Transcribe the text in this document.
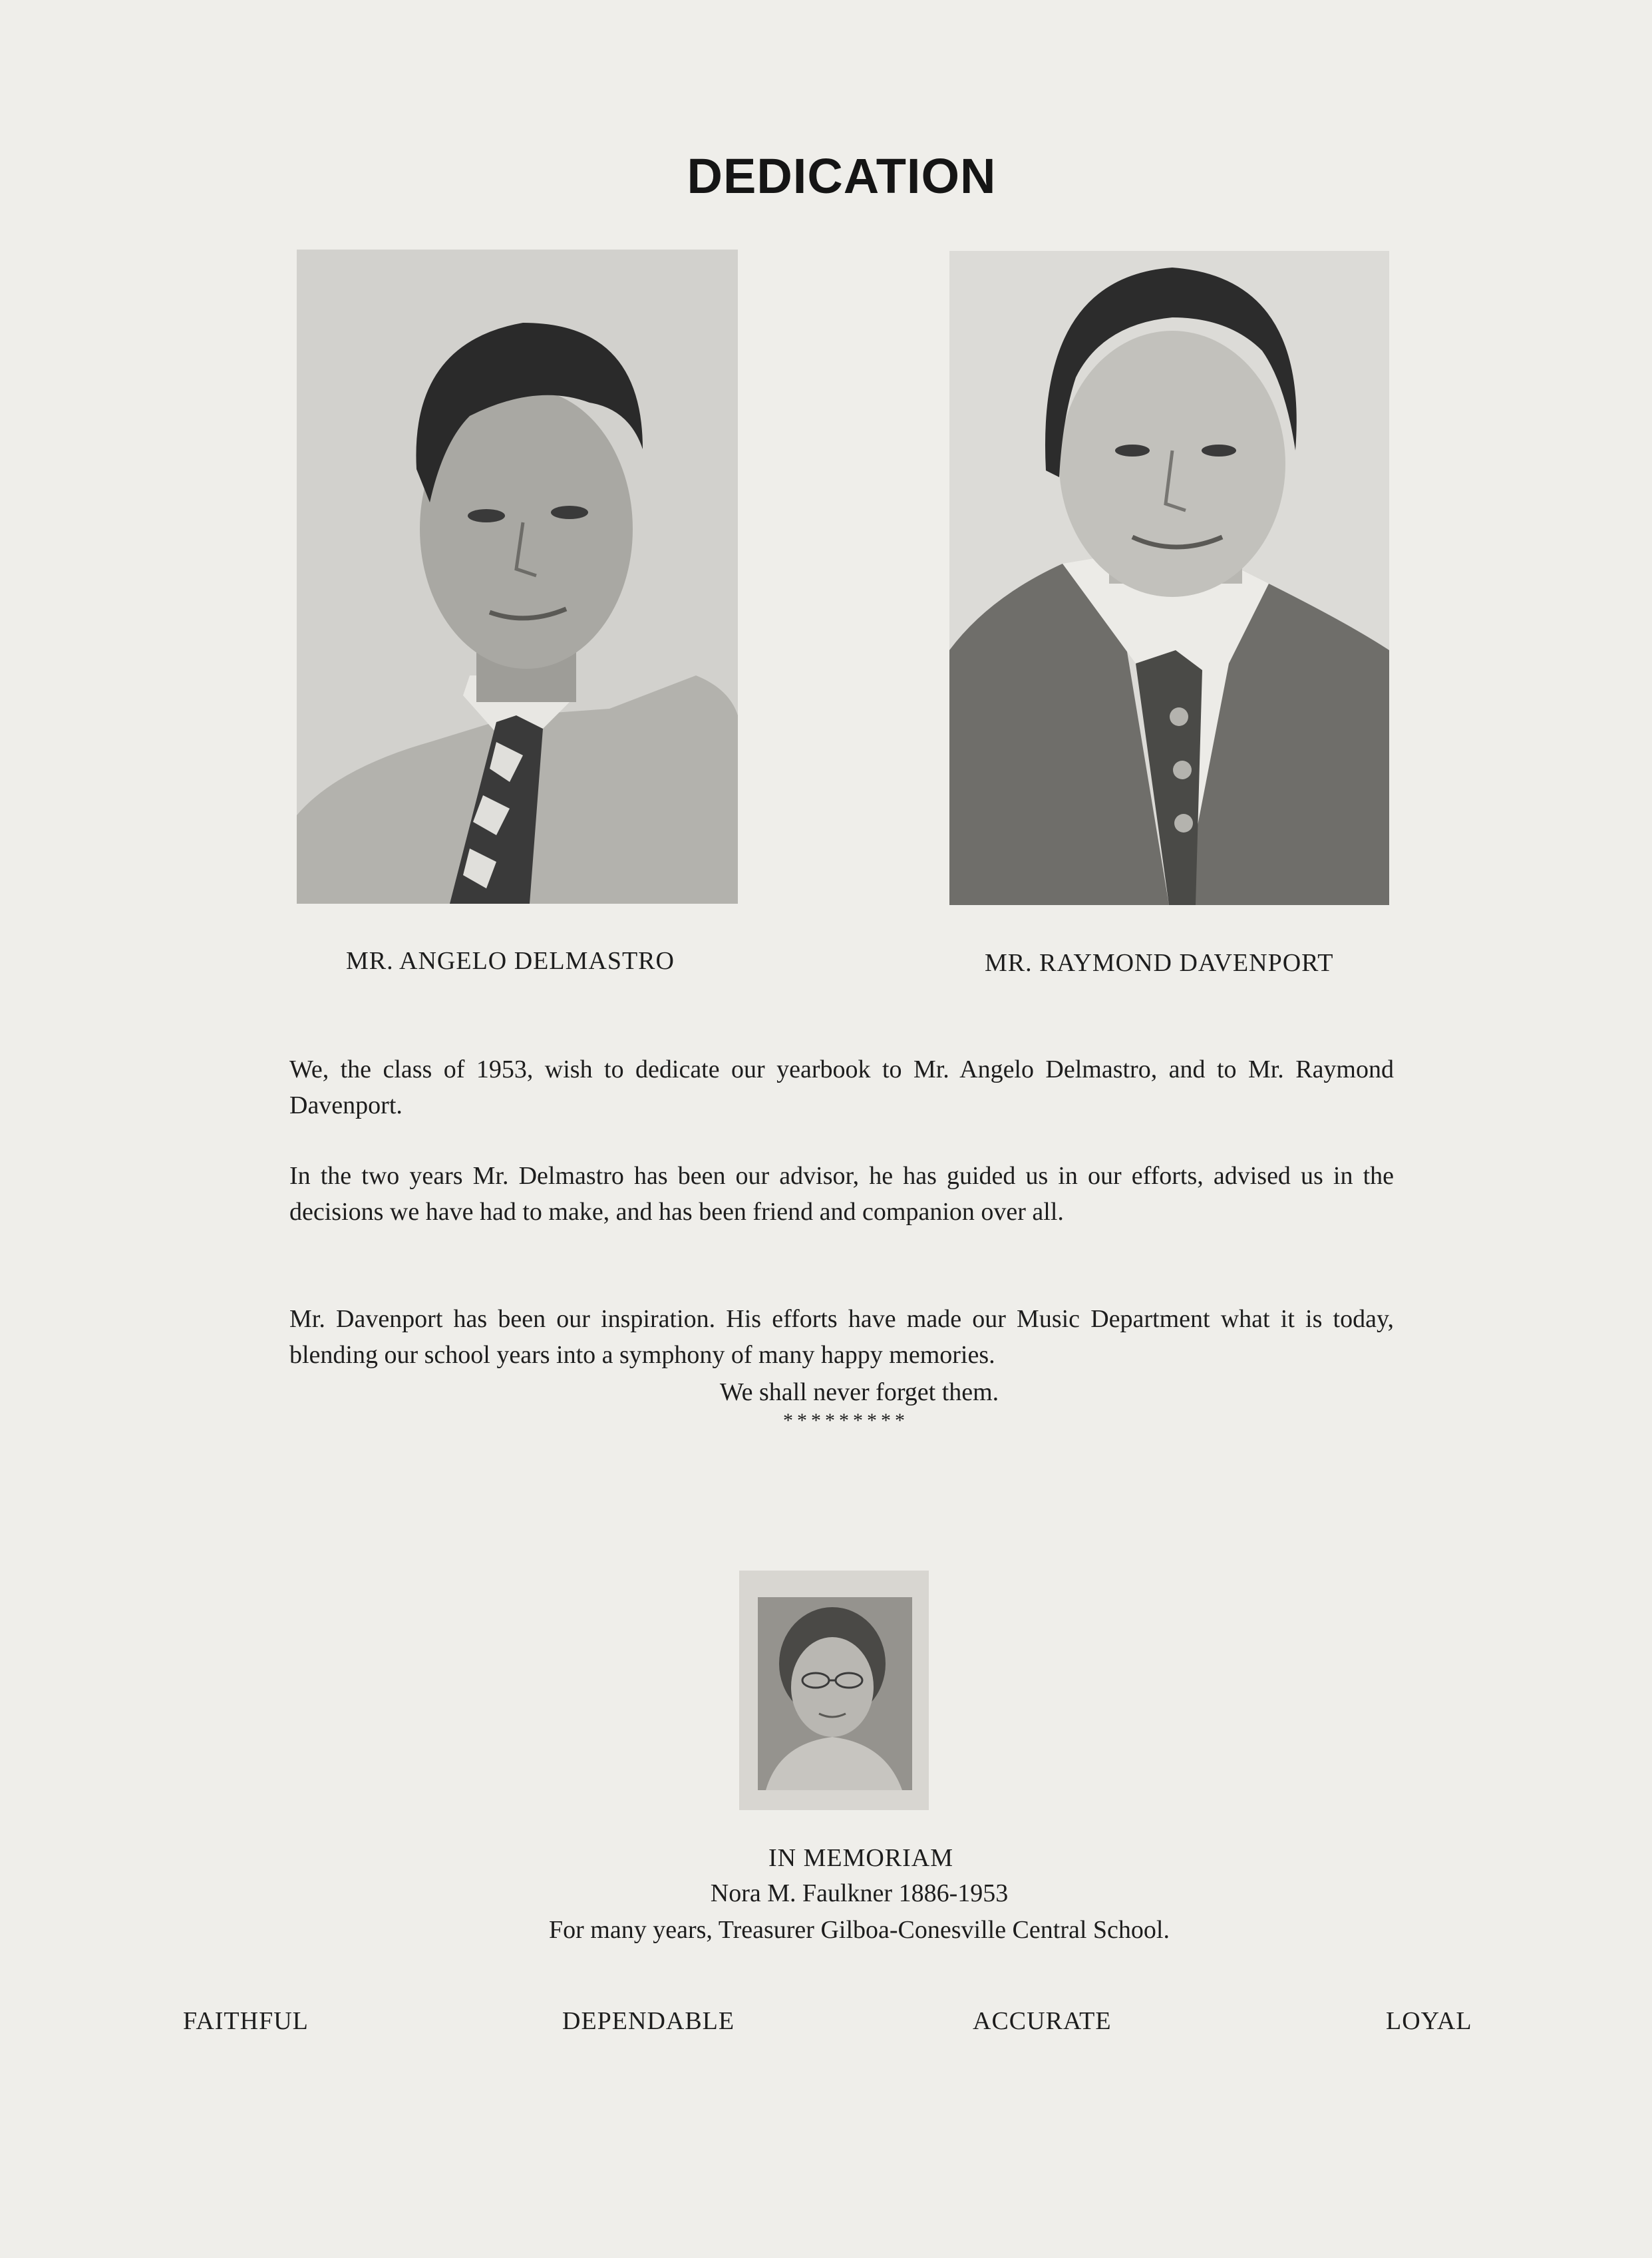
DEDICATION
MR. ANGELO DELMASTRO	MR. RAYMOND DAVENPORT
We, the class of 1953, wish to dedicate our yearbook to Mr. Angelo Delmastro, and to Mr. Raymond Davenport.
In the two years Mr. Delmastro has been our advisor, he has guided us in our efforts, advised us in the decisions we have had to make, and has been friend and companion over all.
Mr. Davenport has been our inspiration. His efforts have made our Music Department what it is today, blending our school years into a symphony of many happy memories.
We shall never forget them.
*********
IN MEMORIAM
Nora M. Faulkner 1886-1953
For many years, Treasurer Gilboa-Conesville Central School.
FAITHFUL	DEPENDABLE	ACCURATE	LOYAL
